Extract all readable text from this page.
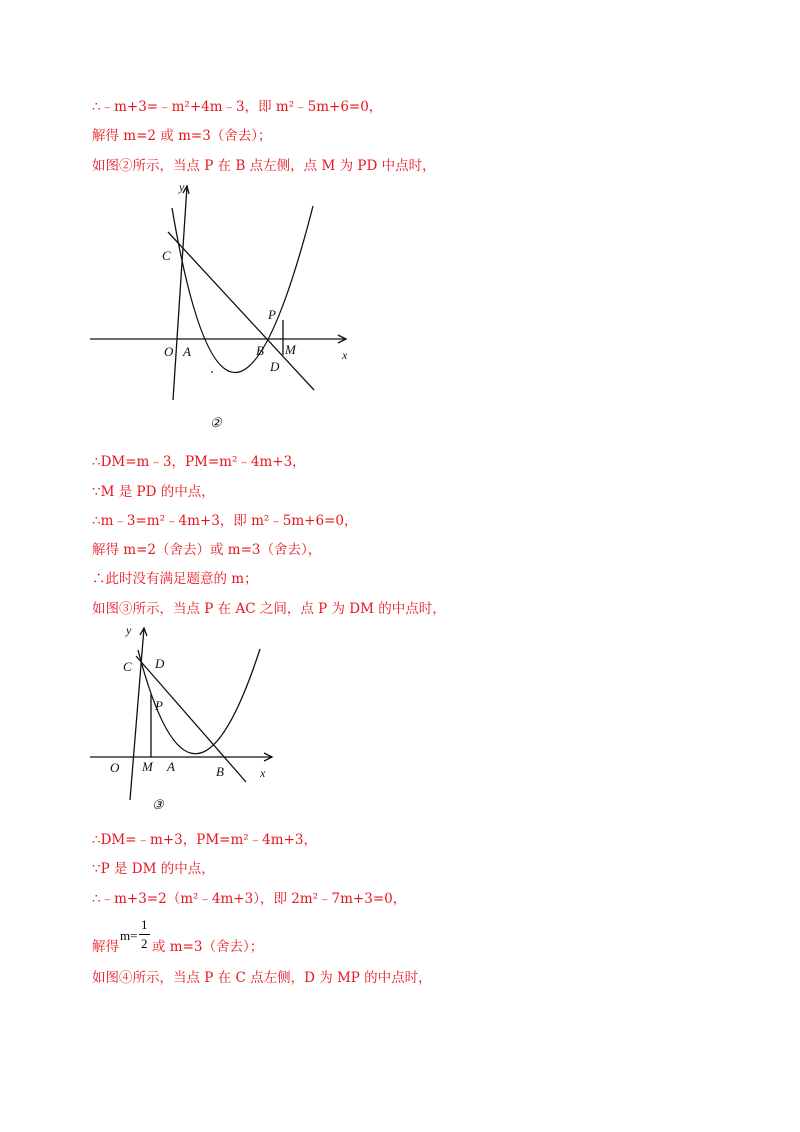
∴﹣m+3=﹣m²+4m﹣3，即 m²﹣5m+6=0，
解得 m=2 或 m=3（舍去）；
如图②所示，当点 P 在 B 点左侧，点 M 为 PD 中点时，
y
x
C
O A	B M
P
D
②
∴DM=m﹣3，PM=m²﹣4m+3，
∵M 是 PD 的中点，
∴m﹣3=m²﹣4m+3，即 m²﹣5m+6=0，
解得 m=2（舍去）或 m=3（舍去），
∴此时没有满足题意的 m；
如图③所示，当点 P 在 AC 之间，点 P 为 DM 的中点时，
y
x
C D
P
O M A	B
③
∴DM=﹣m+3，PM=m²﹣4m+3，
∵P 是 DM 的中点，
∴﹣m+3=2（m²﹣4m+3），即 2m²﹣7m+3=0，
解得
m=
1
2 或 m=3（舍去）；
如图④所示，当点 P 在 C 点左侧，D 为 MP 的中点时，
